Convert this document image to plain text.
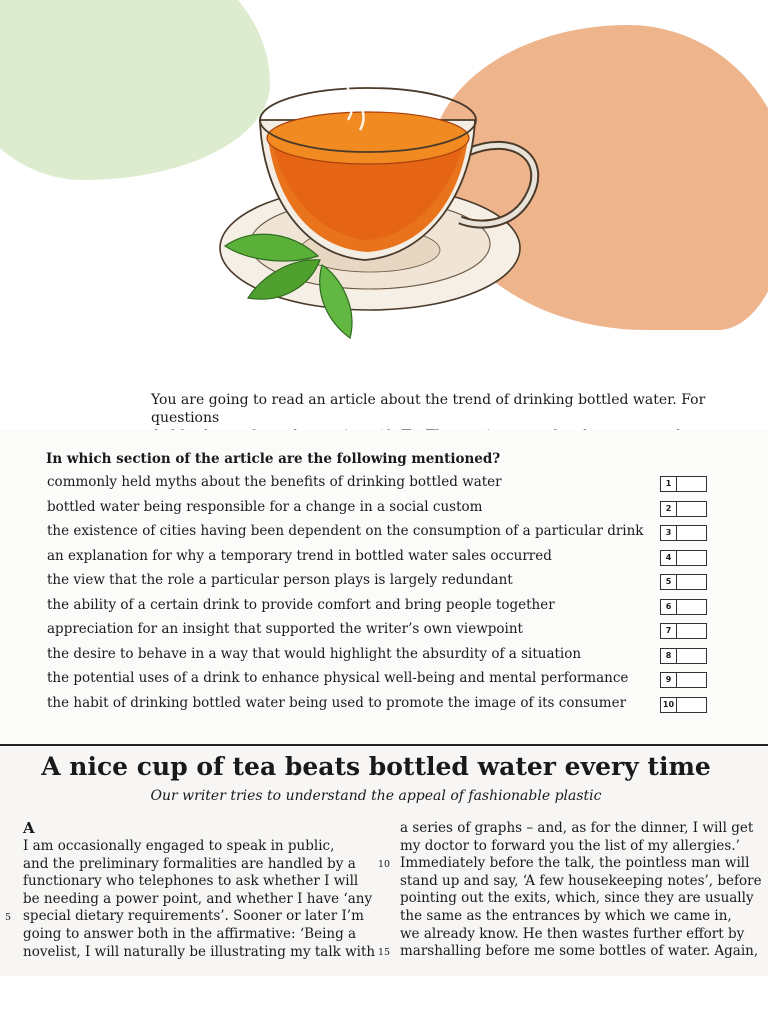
You are going to read an article about the trend of drinking bottled water. For questions

In which section of the article are the following mentioned?
commonly held myths about the benefits of drinking bottled water	1
bottled water being responsible for a change in a social custom	2
the existence of cities having been dependent on the consumption of a particular drink	3
an explanation for why a temporary trend in bottled water sales occurred	4
the view that the role a particular person plays is largely redundant	5
the ability of a certain drink to provide comfort and bring people together	6
appreciation for an insight that supported the writer’s own viewpoint	7
the desire to behave in a way that would highlight the absurdity of a situation	8
the potential uses of a drink to enhance physical well-being and mental performance	9
the habit of drinking bottled water being used to promote the image of its consumer	10
A nice cup of tea beats bottled water every time
Our writer tries to understand the appeal of fashionable plastic
A
I am occasionally engaged to speak in public,
and the preliminary formalities are handled by a
functionary who telephones to ask whether I will
be needing a power point, and whether I have ‘any
5 special dietary requirements’. Sooner or later I’m
going to answer both in the affirmative: ‘Being a
novelist, I will naturally be illustrating my talk with
a series of graphs – and, as for the dinner, I will get
my doctor to forward you the list of my allergies.’
10 Immediately before the talk, the pointless man will
stand up and say, ‘A few housekeeping notes’, before
pointing out the exits, which, since they are usually
the same as the entrances by which we came in,
we already know. He then wastes further effort by
15 marshalling before me some bottles of water. Again,
